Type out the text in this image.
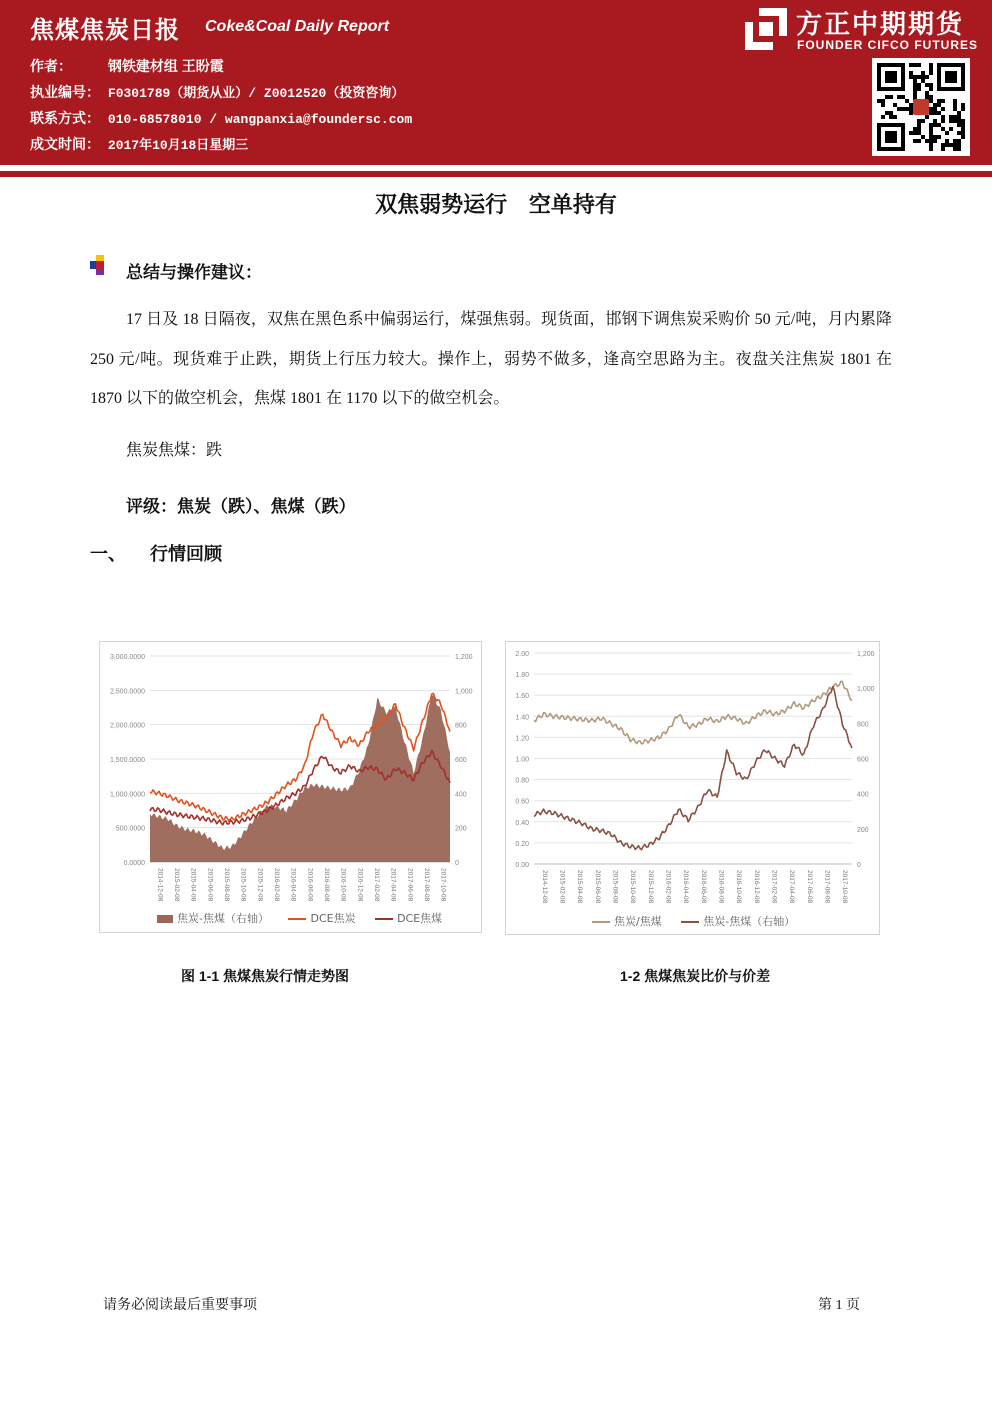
焦煤焦炭日报 Coke&Coal Daily Report
作者：	钢铁建材组 王盼霞
执业编号： F0301789（期货从业）/ Z0012520（投资咨询）
联系方式： 010-68578010 / wangpanxia@foundersc.com
成文时间： 2017年10月18日星期三
方正中期期货
FOUNDER CIFCO FUTURES
双焦弱势运行 空单持有
总结与操作建议：
17 日及 18 日隔夜，双焦在黑色系中偏弱运行，煤强焦弱。现货面，邯钢下调焦炭采购价 50 元/吨，月内累降 250 元/吨。现货难于止跌，期货上行压力较大。操作上，弱势不做多，逢高空思路为主。夜盘关注焦炭 1801 在 1870 以下的做空机会，焦煤 1801 在 1170 以下的做空机会。
焦炭焦煤：跌
评级：焦炭（跌）、焦煤（跌）
一、 行情回顾
0.0000
500.0000
1,000.0000
1,500.0000
2,000.0000
2,500.0000
3,000.0000
0
200
400
600
800
1,000
1,200
2014-12-08 2015-02-08 2015-04-08 2015-06-08 2015-08-08 2015-10-08 2015-12-08 2016-02-08 2016-04-08 2016-06-08 2016-08-08 2016-10-08 2016-12-08 2017-02-08 2017-04-08 2017-06-08 2017-08-08 2017-10-08
焦炭-焦煤（右轴）	DCE焦炭	DCE焦煤
图 1-1 焦煤焦炭行情走势图
0.00
0.20
0.40
0.60
0.80
1.00
1.20
1.40
1.60
1.80
2.00
0
200
400
600
800
1,000
1,200
2014-12-08 2015-02-08 2015-04-08 2015-06-08 2015-08-08 2015-10-08 2015-12-08 2016-02-08 2016-04-08 2016-06-08 2016-08-08 2016-10-08 2016-12-08 2017-02-08 2017-04-08 2017-06-08 2017-08-08 2017-10-08
焦炭/焦煤	焦炭-焦煤（右轴）
1-2 焦煤焦炭比价与价差
请务必阅读最后重要事项	第 1 页
